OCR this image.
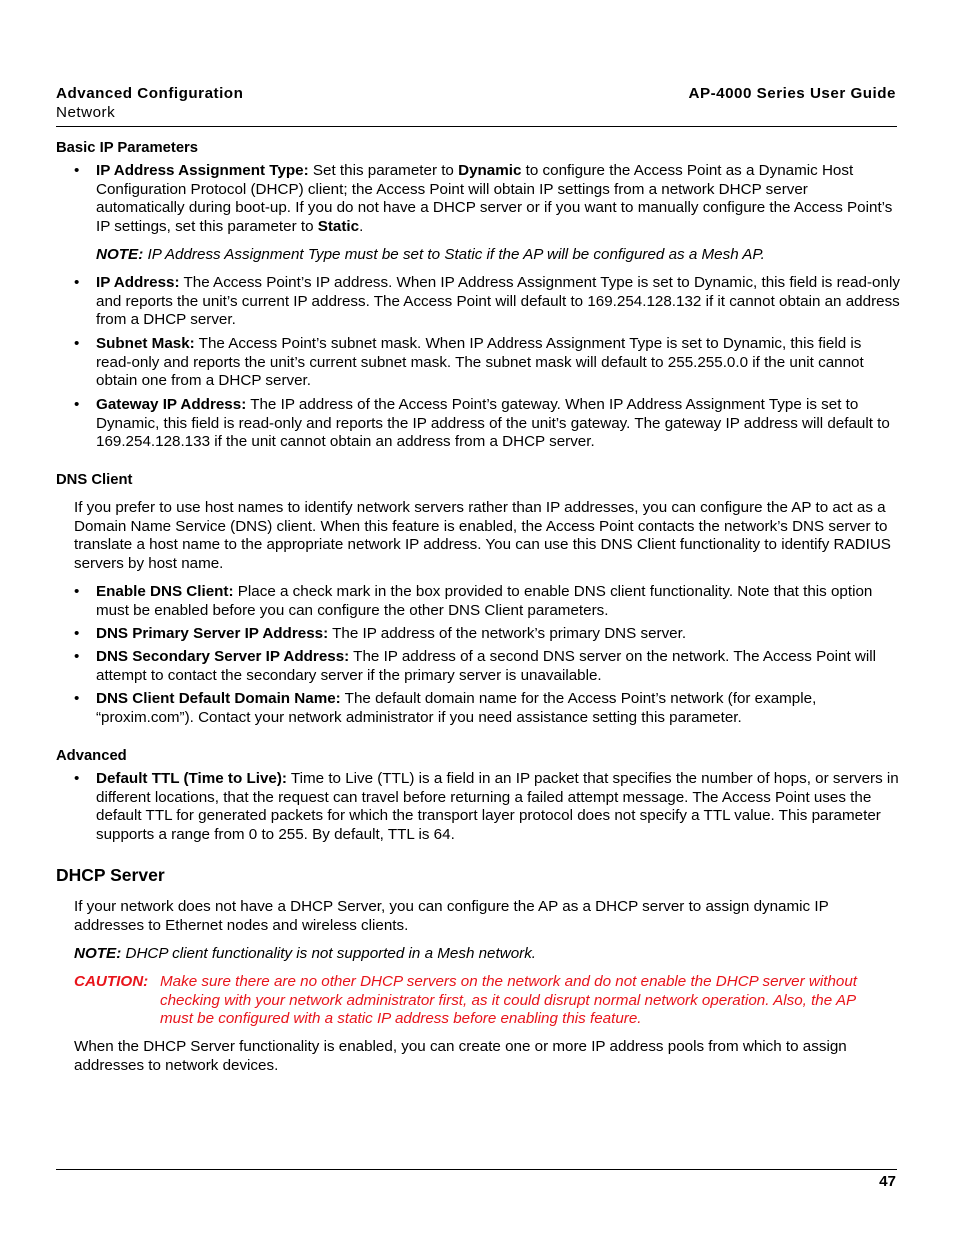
Advanced Configuration
Network
AP-4000 Series User Guide
Basic IP Parameters
• IP Address Assignment Type: Set this parameter to Dynamic to configure the Access Point as a Dynamic Host Configuration Protocol (DHCP) client; the Access Point will obtain IP settings from a network DHCP server automatically during boot-up. If you do not have a DHCP server or if you want to manually configure the Access Point’s IP settings, set this parameter to Static.
NOTE: IP Address Assignment Type must be set to Static if the AP will be configured as a Mesh AP.
• IP Address: The Access Point’s IP address. When IP Address Assignment Type is set to Dynamic, this field is read-only and reports the unit’s current IP address. The Access Point will default to 169.254.128.132 if it cannot obtain an address from a DHCP server.
• Subnet Mask: The Access Point’s subnet mask. When IP Address Assignment Type is set to Dynamic, this field is read-only and reports the unit’s current subnet mask. The subnet mask will default to 255.255.0.0 if the unit cannot obtain one from a DHCP server.
• Gateway IP Address: The IP address of the Access Point’s gateway. When IP Address Assignment Type is set to Dynamic, this field is read-only and reports the IP address of the unit’s gateway. The gateway IP address will default to 169.254.128.133 if the unit cannot obtain an address from a DHCP server.
DNS Client
If you prefer to use host names to identify network servers rather than IP addresses, you can configure the AP to act as a Domain Name Service (DNS) client. When this feature is enabled, the Access Point contacts the network’s DNS server to translate a host name to the appropriate network IP address. You can use this DNS Client functionality to identify RADIUS servers by host name.
• Enable DNS Client: Place a check mark in the box provided to enable DNS client functionality. Note that this option must be enabled before you can configure the other DNS Client parameters.
• DNS Primary Server IP Address: The IP address of the network’s primary DNS server.
• DNS Secondary Server IP Address: The IP address of a second DNS server on the network. The Access Point will attempt to contact the secondary server if the primary server is unavailable.
• DNS Client Default Domain Name: The default domain name for the Access Point’s network (for example, “proxim.com”). Contact your network administrator if you need assistance setting this parameter.
Advanced
• Default TTL (Time to Live): Time to Live (TTL) is a field in an IP packet that specifies the number of hops, or servers in different locations, that the request can travel before returning a failed attempt message. The Access Point uses the default TTL for generated packets for which the transport layer protocol does not specify a TTL value. This parameter supports a range from 0 to 255. By default, TTL is 64.
DHCP Server
If your network does not have a DHCP Server, you can configure the AP as a DHCP server to assign dynamic IP addresses to Ethernet nodes and wireless clients.
NOTE: DHCP client functionality is not supported in a Mesh network.
CAUTION: Make sure there are no other DHCP servers on the network and do not enable the DHCP server without checking with your network administrator first, as it could disrupt normal network operation. Also, the AP must be configured with a static IP address before enabling this feature.
When the DHCP Server functionality is enabled, you can create one or more IP address pools from which to assign addresses to network devices.
47
